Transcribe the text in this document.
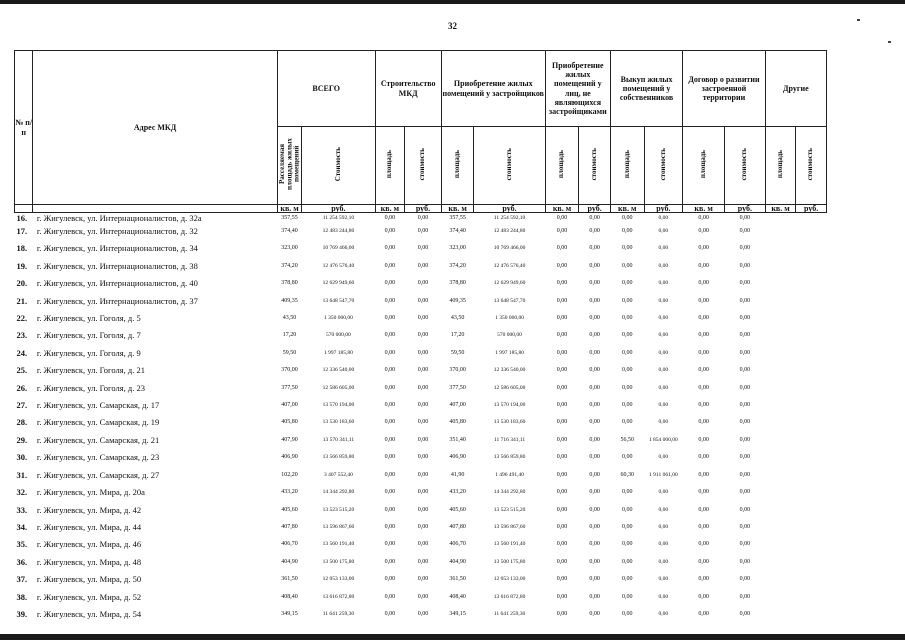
32
№ п/п	Адрес МКД	ВСЕГО		Строительство МКД		Приобретение жилых помещений у застройщиков		Приобретение жилых помещений у лиц, не являющихся застройщиками		Выкуп жилых помещений у собственников		Договор о развитии застроенной территории		Другие	
		Расселяемая площадь жилых помещений	Стоимость	площадь	стоимость	площадь	стоимость	площадь	стоимость	площадь	стоимость	площадь	стоимость	площадь	стоимость
		кв. м	руб.	кв. м	руб.	кв. м	руб.	кв. м	руб.	кв. м	руб.	кв. м	руб.	кв. м	руб.
16.	г. Жигулевск, ул. Интернационалистов, д. 32а	357,55	11 254 592,10	0,00	0,00	357,55	11 254 592,10	0,00	0,00	0,00	0,00	0,00	0,00		
17.	г. Жигулевск, ул. Интернационалистов, д. 32	374,40	12 483 244,80	0,00	0,00	374,40	12 483 244,80	0,00	0,00	0,00	0,00	0,00	0,00		
18.	г. Жигулевск, ул. Интернационалистов, д. 34	323,00	10 769 466,00	0,00	0,00	323,00	10 769 466,00	0,00	0,00	0,00	0,00	0,00	0,00		
19.	г. Жигулевск, ул. Интернационалистов, д. 38	374,20	12 476 576,40	0,00	0,00	374,20	12 476 576,40	0,00	0,00	0,00	0,00	0,00	0,00		
20.	г. Жигулевск, ул. Интернационалистов, д. 40	378,80	12 629 949,60	0,00	0,00	378,80	12 629 949,60	0,00	0,00	0,00	0,00	0,00	0,00		
21.	г. Жигулевск, ул. Интернационалистов, д. 37	409,35	13 648 547,70	0,00	0,00	409,35	13 648 547,70	0,00	0,00	0,00	0,00	0,00	0,00		
22.	г. Жигулевск, ул. Гоголя, д. 5	43,50	1 350 000,00	0,00	0,00	43,50	1 350 000,00	0,00	0,00	0,00	0,00	0,00	0,00		
23.	г. Жигулевск, ул. Гоголя, д. 7	17,20	570 000,00	0,00	0,00	17,20	570 000,00	0,00	0,00	0,00	0,00	0,00	0,00		
24.	г. Жигулевск, ул. Гоголя, д. 9	59,50	1 997 185,80	0,00	0,00	59,50	1 997 185,80	0,00	0,00	0,00	0,00	0,00	0,00		
25.	г. Жигулевск, ул. Гоголя, д. 21	370,00	12 336 540,00	0,00	0,00	370,00	12 336 540,00	0,00	0,00	0,00	0,00	0,00	0,00		
26.	г. Жигулевск, ул. Гоголя, д. 23	377,50	12 586 605,00	0,00	0,00	377,50	12 586 605,00	0,00	0,00	0,00	0,00	0,00	0,00		
27.	г. Жигулевск, ул. Самарская, д. 17	407,00	13 570 194,00	0,00	0,00	407,00	13 570 194,00	0,00	0,00	0,00	0,00	0,00	0,00		
28.	г. Жигулевск, ул. Самарская, д. 19	405,80	13 530 183,60	0,00	0,00	405,80	13 530 183,60	0,00	0,00	0,00	0,00	0,00	0,00		
29.	г. Жигулевск, ул. Самарская, д. 21	407,90	13 570 341,11	0,00	0,00	351,40	11 716 341,11	0,00	0,00	56,50	1 854 000,00	0,00	0,00		
30.	г. Жигулевск, ул. Самарская, д. 23	406,90	13 566 859,80	0,00	0,00	406,90	13 566 859,80	0,00	0,00	0,00	0,00	0,00	0,00		
31.	г. Жигулевск, ул. Самарская, д. 27	102,20	3 407 552,40	0,00	0,00	41,90	1 496 491,40	0,00	0,00	60,30	1 911 061,00	0,00	0,00		
32.	г. Жигулевск, ул. Мира, д. 20а	433,20	14 344 292,80	0,00	0,00	433,20	14 344 292,80	0,00	0,00	0,00	0,00	0,00	0,00		
33.	г. Жигулевск, ул. Мира, д. 42	405,60	13 523 515,20	0,00	0,00	405,60	13 523 515,20	0,00	0,00	0,00	0,00	0,00	0,00		
34.	г. Жигулевск, ул. Мира, д. 44	407,80	13 596 867,60	0,00	0,00	407,80	13 596 867,60	0,00	0,00	0,00	0,00	0,00	0,00		
35.	г. Жигулевск, ул. Мира, д. 46	406,70	13 560 191,40	0,00	0,00	406,70	13 560 191,40	0,00	0,00	0,00	0,00	0,00	0,00		
36.	г. Жигулевск, ул. Мира, д. 48	404,90	13 500 175,80	0,00	0,00	404,90	13 500 175,80	0,00	0,00	0,00	0,00	0,00	0,00		
37.	г. Жигулевск, ул. Мира, д. 50	361,50	12 053 133,00	0,00	0,00	361,50	12 053 133,00	0,00	0,00	0,00	0,00	0,00	0,00		
38.	г. Жигулевск, ул. Мира, д. 52	408,40	13 616 872,80	0,00	0,00	408,40	13 616 872,80	0,00	0,00	0,00	0,00	0,00	0,00		
39.	г. Жигулевск, ул. Мира, д. 54	349,15	11 641 259,30	0,00	0,00	349,15	11 641 259,30	0,00	0,00	0,00	0,00	0,00	0,00		
